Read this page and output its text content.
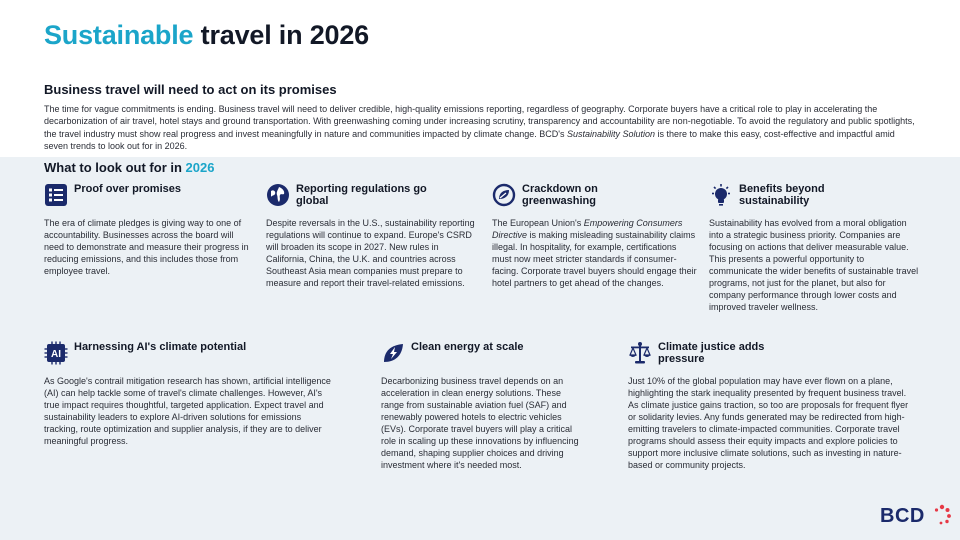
Sustainable travel in 2026
Business travel will need to act on its promises

The time for vague commitments is ending. Business travel will need to deliver credible, high-quality emissions reporting, regardless of geography. Corporate buyers have a critical role to play in accelerating the decarbonization of air travel, hotel stays and ground transportation. With greenwashing coming under increasing scrutiny, transparency and accountability are non-negotiable. To avoid the regulatory and public spotlights, the travel industry must show real progress and invest meaningfully in nature and communities impacted by climate change. BCD's Sustainability Solution is there to make this easy, cost-effective and impactful amid seven trends to look out for in 2026.

What to look out for in 2026
Proof over promises

The era of climate pledges is giving way to one of accountability. Businesses across the board will need to demonstrate and measure their progress in reducing emissions, and this includes those from employee travel.

Reporting regulations go global

Despite reversals in the U.S., sustainability reporting regulations will continue to expand. Europe's CSRD will broaden its scope in 2027. New rules in California, China, the U.K. and countries across Southeast Asia mean companies must prepare to measure and report their travel-related emissions.

Crackdown on greenwashing

The European Union's Empowering Consumers Directive is making misleading sustainability claims illegal. In hospitality, for example, certifications must now meet stricter standards if consumer-facing. Corporate travel buyers should engage their hotel partners to get ahead of the changes.

Benefits beyond sustainability

Sustainability has evolved from a moral obligation into a strategic business priority. Companies are focusing on actions that deliver measurable value. This presents a powerful opportunity to communicate the wider benefits of sustainable travel programs, not just for the planet, but also for company performance through lower costs and improved traveler wellness.

AI
Harnessing AI's climate potential

As Google's contrail mitigation research has shown, artificial intelligence (AI) can help tackle some of travel's climate challenges. However, AI's true impact requires thoughtful, targeted application. Expect travel and sustainability leaders to explore AI-driven solutions for emissions tracking, route optimization and supplier analysis, if they are to deliver meaningful progress.

Clean energy at scale

Decarbonizing business travel depends on an acceleration in clean energy solutions. These range from sustainable aviation fuel (SAF) and renewably powered hotels to electric vehicles (EVs). Corporate travel buyers will play a critical role in scaling up these innovations by influencing demand, shaping supplier choices and driving investment where it's needed most.

Climate justice adds pressure

Just 10% of the global population may have ever flown on a plane, highlighting the stark inequality presented by frequent business travel. As climate justice gains traction, so too are proposals for frequent flyer or solidarity levies. Any funds generated may be redirected from high-emitting travelers to climate-impacted communities. Corporate travel programs should assess their equity impacts and explore policies to support more inclusive climate solutions, such as investing in nature-based or community projects.

BCD
